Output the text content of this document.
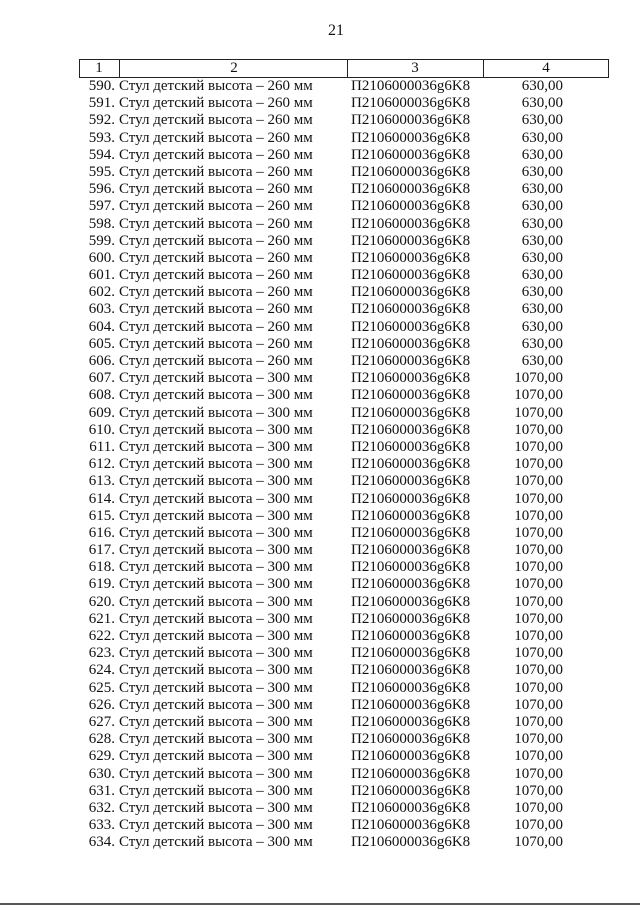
21
1	2	3	4
590. Стул детский высота – 260 мм	П2106000036g6K8	630,00
591. Стул детский высота – 260 мм	П2106000036g6K8	630,00
592. Стул детский высота – 260 мм	П2106000036g6K8	630,00
593. Стул детский высота – 260 мм	П2106000036g6K8	630,00
594. Стул детский высота – 260 мм	П2106000036g6K8	630,00
595. Стул детский высота – 260 мм	П2106000036g6K8	630,00
596. Стул детский высота – 260 мм	П2106000036g6K8	630,00
597. Стул детский высота – 260 мм	П2106000036g6K8	630,00
598. Стул детский высота – 260 мм	П2106000036g6K8	630,00
599. Стул детский высота – 260 мм	П2106000036g6K8	630,00
600. Стул детский высота – 260 мм	П2106000036g6K8	630,00
601. Стул детский высота – 260 мм	П2106000036g6K8	630,00
602. Стул детский высота – 260 мм	П2106000036g6K8	630,00
603. Стул детский высота – 260 мм	П2106000036g6K8	630,00
604. Стул детский высота – 260 мм	П2106000036g6K8	630,00
605. Стул детский высота – 260 мм	П2106000036g6K8	630,00
606. Стул детский высота – 260 мм	П2106000036g6K8	630,00
607. Стул детский высота – 300 мм	П2106000036g6K8	1070,00
608. Стул детский высота – 300 мм	П2106000036g6K8	1070,00
609. Стул детский высота – 300 мм	П2106000036g6K8	1070,00
610. Стул детский высота – 300 мм	П2106000036g6K8	1070,00
611. Стул детский высота – 300 мм	П2106000036g6K8	1070,00
612. Стул детский высота – 300 мм	П2106000036g6K8	1070,00
613. Стул детский высота – 300 мм	П2106000036g6K8	1070,00
614. Стул детский высота – 300 мм	П2106000036g6K8	1070,00
615. Стул детский высота – 300 мм	П2106000036g6K8	1070,00
616. Стул детский высота – 300 мм	П2106000036g6K8	1070,00
617. Стул детский высота – 300 мм	П2106000036g6K8	1070,00
618. Стул детский высота – 300 мм	П2106000036g6K8	1070,00
619. Стул детский высота – 300 мм	П2106000036g6K8	1070,00
620. Стул детский высота – 300 мм	П2106000036g6K8	1070,00
621. Стул детский высота – 300 мм	П2106000036g6K8	1070,00
622. Стул детский высота – 300 мм	П2106000036g6K8	1070,00
623. Стул детский высота – 300 мм	П2106000036g6K8	1070,00
624. Стул детский высота – 300 мм	П2106000036g6K8	1070,00
625. Стул детский высота – 300 мм	П2106000036g6K8	1070,00
626. Стул детский высота – 300 мм	П2106000036g6K8	1070,00
627. Стул детский высота – 300 мм	П2106000036g6K8	1070,00
628. Стул детский высота – 300 мм	П2106000036g6K8	1070,00
629. Стул детский высота – 300 мм	П2106000036g6K8	1070,00
630. Стул детский высота – 300 мм	П2106000036g6K8	1070,00
631. Стул детский высота – 300 мм	П2106000036g6K8	1070,00
632. Стул детский высота – 300 мм	П2106000036g6K8	1070,00
633. Стул детский высота – 300 мм	П2106000036g6K8	1070,00
634. Стул детский высота – 300 мм	П2106000036g6K8	1070,00
